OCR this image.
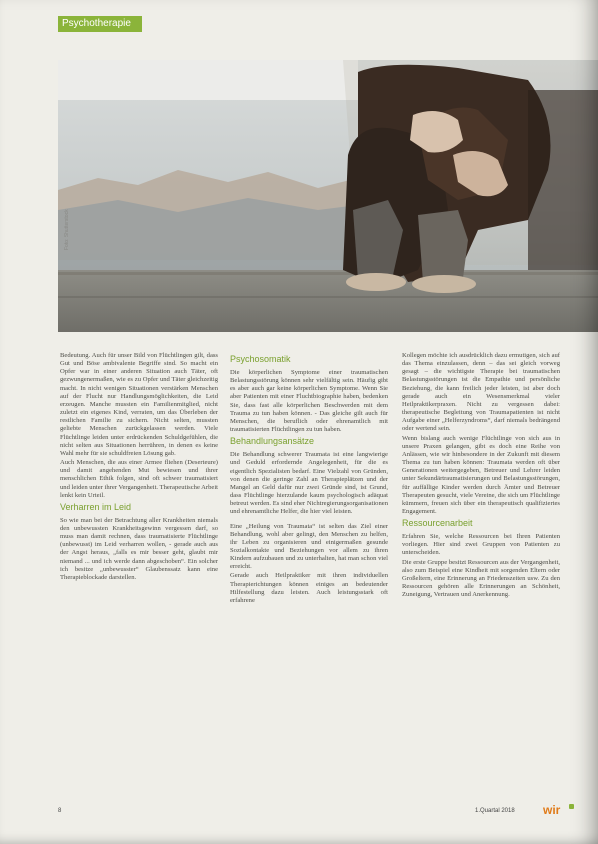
Psychotherapie
Foto: Shutterstock

Bedeutung. Auch für unser Bild von Flüchtlingen gilt, dass Gut und Böse ambivalente Begriffe sind. So macht ein Opfer war in einer anderen Situation auch Täter, oft gezwungenermaßen, wie es zu Opfer und Täter gleichzeitig macht. In nicht wenigen Situationen verstärken Menschen auf der Flucht nur Handlungsmöglichkeiten, die Leid erzeugen. Manche mussten ein Familienmitglied, nicht zuletzt ein eigenes Kind, verraten, um das Überleben der restlichen Familie zu sichern. Nicht selten, mussten geliebte Menschen zurückgelassen werden. Viele Flüchtlinge leiden unter erdrückenden Schuldgefühlen, die nicht selten aus Situationen herrühren, in denen es keine Wahl mehr für sie schuldfreien Lösung gab.

Auch Menschen, die aus einer Armee fliehen (Deserteure) und damit angehenden Mut bewiesen und ihrer menschlichen Ethik folgen, sind oft schwer traumatisiert und leiden unter ihrer Vergangenheit. Therapeutische Arbeit lenkt kein Urteil.

Verharren im Leid

So wie man bei der Betrachtung aller Krankheiten niemals den unbewussten Krankheitsgewinn vergessen darf, so muss man damit rechnen, dass traumatisierte Flüchtlinge (unbewusst) im Leid verharren wollen, - gerade auch aus der Angst heraus, „falls es mir besser geht, glaubt mir niemand ... und ich werde dann abgeschoben“. Ein solcher ich besitze „unbewusster“ Glaubenssatz kann eine Therapieblockade darstellen.

Psychosomatik

Die körperlichen Symptome einer traumatischen Belastungsstörung können sehr vielfältig sein. Häufig gibt es aber auch gar keine körperlichen Symptome. Wenn Sie aber Patienten mit einer Fluchtbiographie haben, bedenken Sie, dass fast alle körperlichen Beschwerden mit dem Trauma zu tun haben können. - Das gleiche gilt auch für Menschen, die beruflich oder ehrenamtlich mit traumatisierten Flüchtlingen zu tun haben.

Behandlungsansätze

Die Behandlung schwerer Traumata ist eine langwierige und Geduld erfordernde Angelegenheit, für die es eigentlich Spezialisten bedarf. Eine Vielzahl von Gründen, von denen die geringe Zahl an Therapieplätzen und der Mangel an Geld dafür nur zwei Gründe sind, ist Grund, dass Flüchtlinge hierzulande kaum psychologisch adäquat betreut werden. Es sind eher Nichtregierungsorganisationen und ehrenamtliche Helfer, die hier viel leisten.

Eine „Heilung von Traumata“ ist selten das Ziel einer Behandlung, wohl aber gelingt, den Menschen zu helfen, ihr Leben zu organisieren und einigermaßen gesunde Sozialkontakte und Beziehungen vor allem zu ihren Kindern aufzubauen und zu unterhalten, hat man schon viel erreicht.

Gerade auch Heilpraktiker mit ihren individuellen Therapierichtungen können einiges an bedeutender Hilfestellung dazu leisten. Auch leistungsstark oft erfahrene

Kollegen möchte ich ausdrücklich dazu ermutigen, sich auf das Thema einzulassen, denn – das sei gleich vorweg gesagt – die wichtigste Therapie bei traumatischen Belastungsstörungen ist die Empathie und persönliche Beziehung, die kann freilich jeder leisten, ist aber doch gerade auch ein Wesensmerkmal vieler Heilpraktikerpraxen. Nicht zu vergessen dabei: therapeutische Begleitung von Traumapatienten ist nicht Aufgabe einer „Helferzyndroms“, darf niemals bedrängend oder wertend sein.

Wenn bislang auch wenige Flüchtlinge von sich aus in unsere Praxen gelangen, gibt es doch eine Reihe von Anlässen, wie wir hinbesondere in der Zukunft mit diesem Thema zu tun haben können: Traumata werden oft über Generationen weitergegeben, Betreuer und Lehrer leiden unter Sekundärtraumatisierungen und Belastungsstörungen, für auffällige Kinder werden durch Ämter und Betreuer Therapeuten gesucht, viele Vereine, die sich um Flüchtlinge kümmern, freuen sich über ein therapeutisch qualifiziertes Engagement.

Ressourcenarbeit

Erfahren Sie, welche Ressourcen bei Ihren Patienten vorliegen. Hier sind zwei Gruppen von Patienten zu unterscheiden.

Die erste Gruppe besitzt Ressourcen aus der Vergangenheit, also zum Beispiel eine Kindheit mit sorgenden Eltern oder Großeltern, eine Erinnerung an Friedenszeiten usw. Zu den Ressourcen gehören alle Erinnerungen an Schönheit, Zuneigung, Vertrauen und Anerkennung.

8	1.Quartal 2018 wir
